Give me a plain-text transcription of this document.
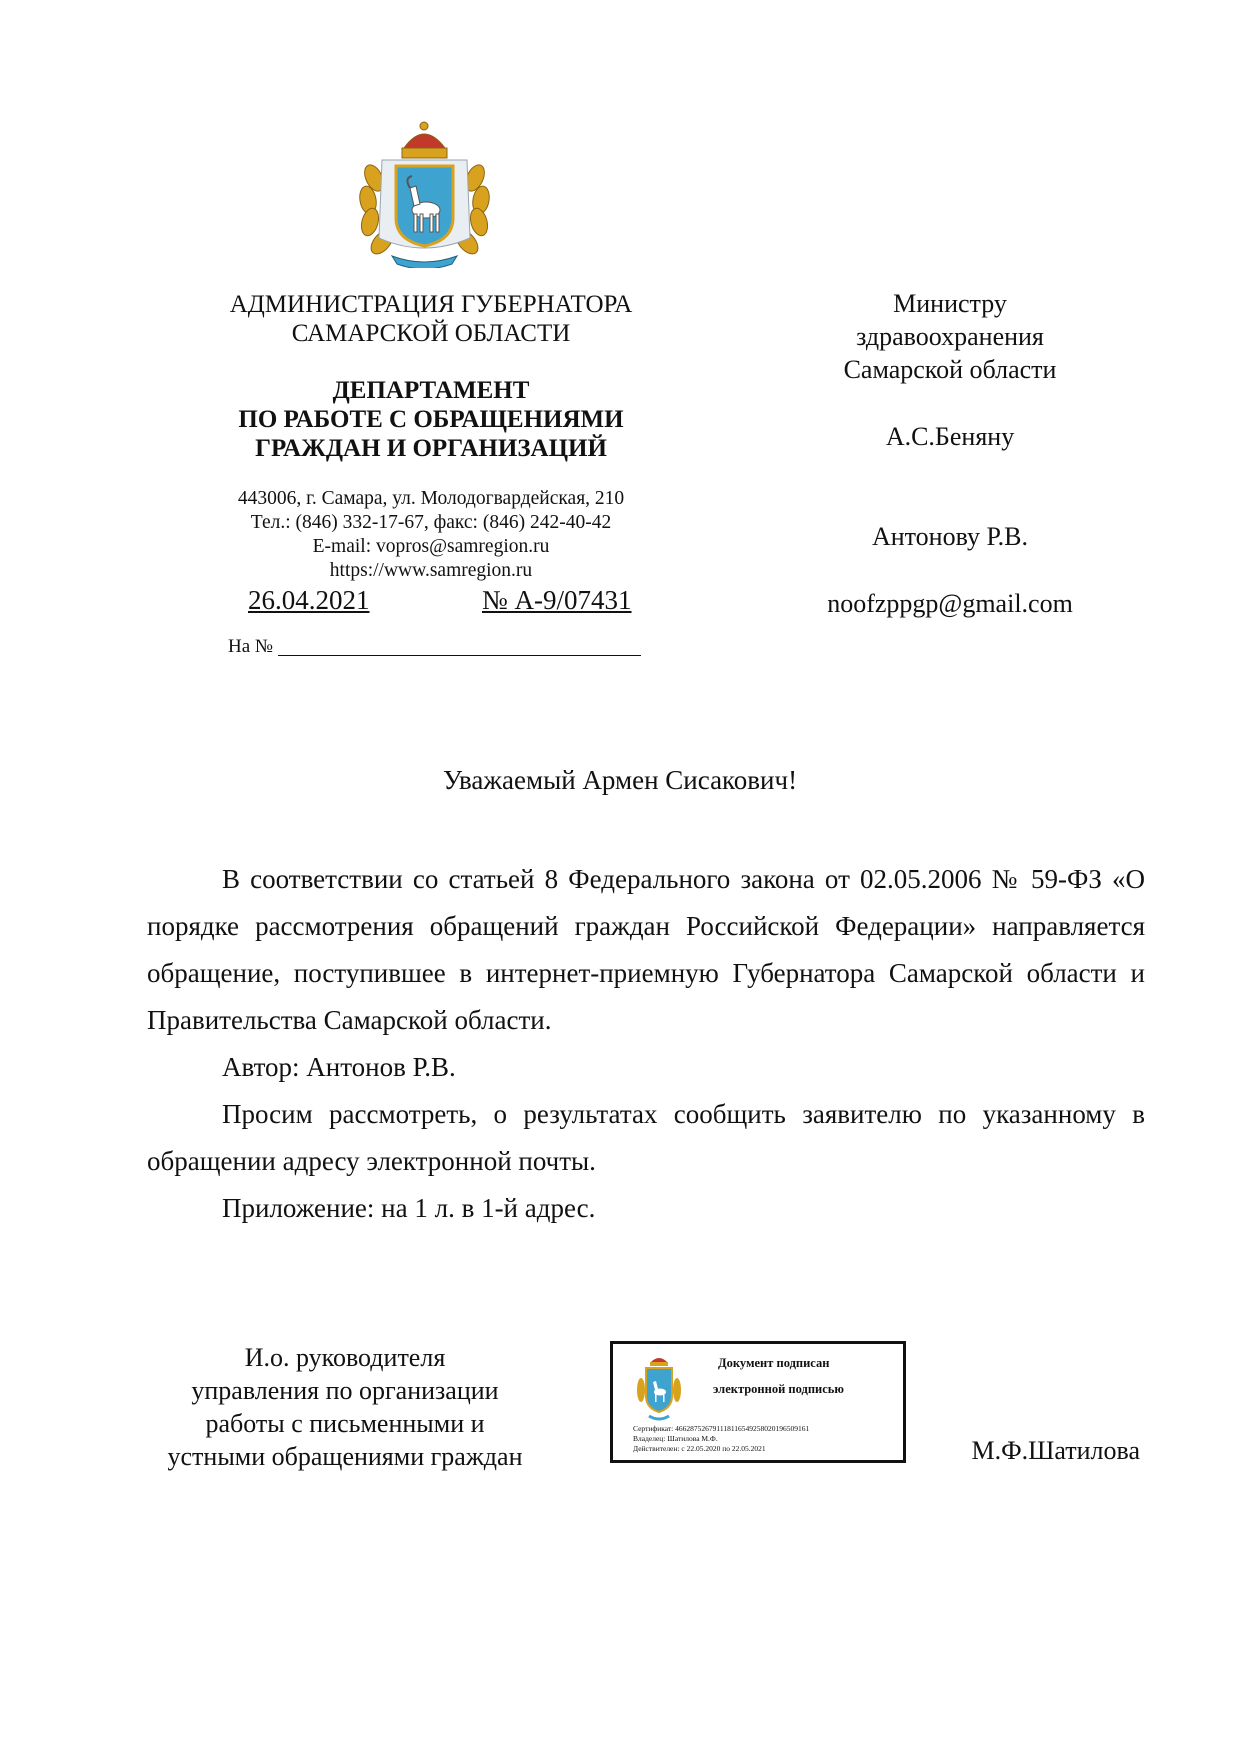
АДМИНИСТРАЦИЯ ГУБЕРНАТОРА
САМАРСКОЙ ОБЛАСТИ
ДЕПАРТАМЕНТ
ПО РАБОТЕ С ОБРАЩЕНИЯМИ
ГРАЖДАН И ОРГАНИЗАЦИЙ
443006, г. Самара, ул. Молодогвардейская, 210
Тел.: (846) 332-17-67, факс: (846) 242-40-42
E-mail: vopros@samregion.ru
https://www.samregion.ru
26.04.2021	№ А-9/07431
На №
Министру
здравоохранения
Самарской области
А.С.Беняну
Антонову Р.В.
noofzppgp@gmail.com
Уважаемый Армен Сисакович!

В соответствии со статьей 8 Федерального закона от 02.05.2006 № 59-ФЗ «О порядке рассмотрения обращений граждан Российской Федерации» направляется обращение, поступившее в интернет-приемную Губернатора Самарской области и Правительства Самарской области.

Автор: Антонов Р.В.

Просим рассмотреть, о результатах сообщить заявителю по указанному в обращении адресу электронной почты.

Приложение: на 1 л. в 1-й адрес.

И.о. руководителя
управления по организации
работы с письменными и
устными обращениями граждан
Документ подписан
электронной подписью
Сертификат: 466287526791118116549258020196509161
Владелец: Шатилова М.Ф.
Действителен: с 22.05.2020 по 22.05.2021	М.Ф.Шатилова
